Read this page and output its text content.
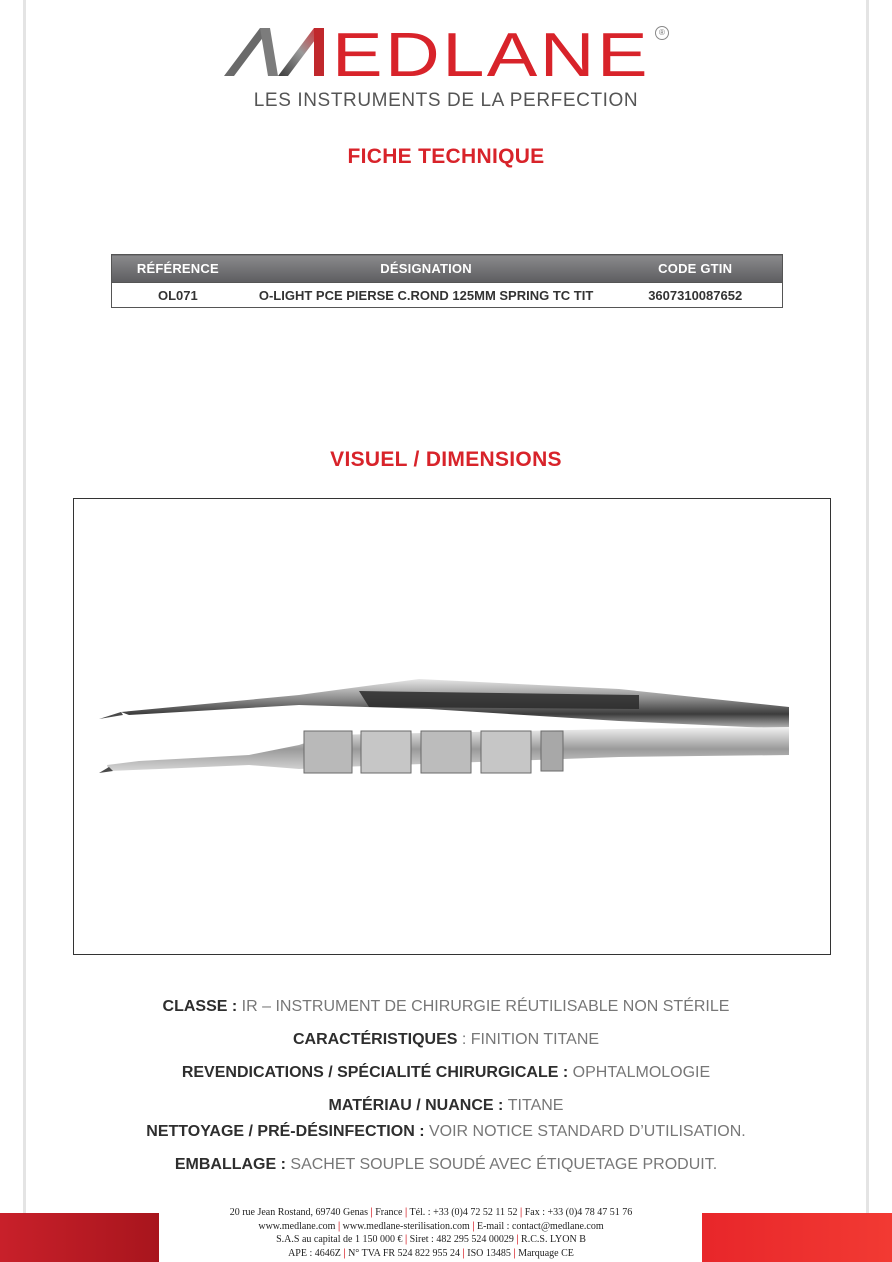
EDLANE	®
LES INSTRUMENTS DE LA PERFECTION
FICHE TECHNIQUE
RÉFÉRENCE	DÉSIGNATION	CODE GTIN
OL071	O-LIGHT PCE PIERSE C.ROND 125MM SPRING TC TIT	3607310087652
VISUEL / DIMENSIONS
CLASSE : IR – INSTRUMENT DE CHIRURGIE RÉUTILISABLE NON STÉRILE
CARACTÉRISTIQUES : FINITION TITANE
REVENDICATIONS / SPÉCIALITÉ CHIRURGICALE : OPHTALMOLOGIE
MATÉRIAU / NUANCE : TITANE
NETTOYAGE / PRÉ-DÉSINFECTION : VOIR NOTICE STANDARD D’UTILISATION.
EMBALLAGE : SACHET SOUPLE SOUDÉ AVEC ÉTIQUETAGE PRODUIT.
20 rue Jean Rostand, 69740 Genas | France | Tél. : +33 (0)4 72 52 11 52 | Fax : +33 (0)4 78 47 51 76
www.medlane.com | www.medlane-sterilisation.com | E-mail : contact@medlane.com
S.A.S au capital de 1 150 000 € | Siret : 482 295 524 00029 | R.C.S. LYON B
APE : 4646Z | N° TVA FR 524 822 955 24 | ISO 13485 | Marquage CE
